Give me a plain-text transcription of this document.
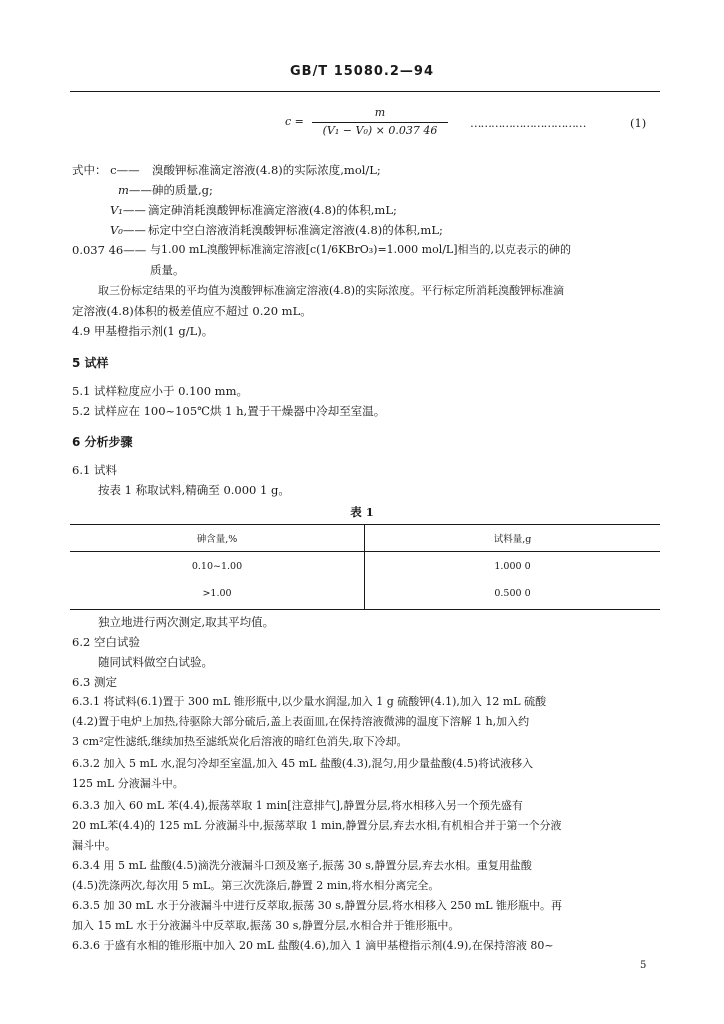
GB/T 15080.2—94
c =
m
(V₁ − V₀) × 0.037 46
……………………………	(1)
式中： c—— 溴酸钾标准滴定溶液(4.8)的实际浓度,mol/L;
m—— 砷的质量,g;
V₁—— 滴定砷消耗溴酸钾标准滴定溶液(4.8)的体积,mL;
V₀—— 标定中空白溶液消耗溴酸钾标准滴定溶液(4.8)的体积,mL;
0.037 46—— 与1.00 mL溴酸钾标准滴定溶液[c(1/6KBrO₃)=1.000 mol/L]相当的,以克表示的砷的
质量。
取三份标定结果的平均值为溴酸钾标准滴定溶液(4.8)的实际浓度。平行标定所消耗溴酸钾标准滴
定溶液(4.8)体积的极差值应不超过 0.20 mL。
4.9 甲基橙指示剂(1 g/L)。
5 试样
5.1 试样粒度应小于 0.100 mm。
5.2 试样应在 100~105℃烘 1 h,置于干燥器中冷却至室温。
6 分析步骤
6.1 试料
按表 1 称取试料,精确至 0.000 1 g。
表 1
砷含量,%	试料量,g
0.10~1.00	1.000 0
>1.00	0.500 0
独立地进行两次测定,取其平均值。
6.2 空白试验
随同试料做空白试验。
6.3 测定
6.3.1 将试料(6.1)置于 300 mL 锥形瓶中,以少量水润湿,加入 1 g 硫酸钾(4.1),加入 12 mL 硫酸
(4.2)置于电炉上加热,待驱除大部分硫后,盖上表面皿,在保持溶液微沸的温度下溶解 1 h,加入约
3 cm²定性滤纸,继续加热至滤纸炭化后溶液的暗红色消失,取下冷却。
6.3.2 加入 5 mL 水,混匀冷却至室温,加入 45 mL 盐酸(4.3),混匀,用少量盐酸(4.5)将试液移入
125 mL 分液漏斗中。
6.3.3 加入 60 mL 苯(4.4),振荡萃取 1 min[注意排气],静置分层,将水相移入另一个预先盛有
20 mL苯(4.4)的 125 mL 分液漏斗中,振荡萃取 1 min,静置分层,弃去水相,有机相合并于第一个分液
漏斗中。
6.3.4 用 5 mL 盐酸(4.5)滴洗分液漏斗口颈及塞子,振荡 30 s,静置分层,弃去水相。重复用盐酸
(4.5)洗涤两次,每次用 5 mL。第三次洗涤后,静置 2 min,将水相分离完全。
6.3.5 加 30 mL 水于分液漏斗中进行反萃取,振荡 30 s,静置分层,将水相移入 250 mL 锥形瓶中。再
加入 15 mL 水于分液漏斗中反萃取,振荡 30 s,静置分层,水相合并于锥形瓶中。
6.3.6 于盛有水相的锥形瓶中加入 20 mL 盐酸(4.6),加入 1 滴甲基橙指示剂(4.9),在保持溶液 80~
5
